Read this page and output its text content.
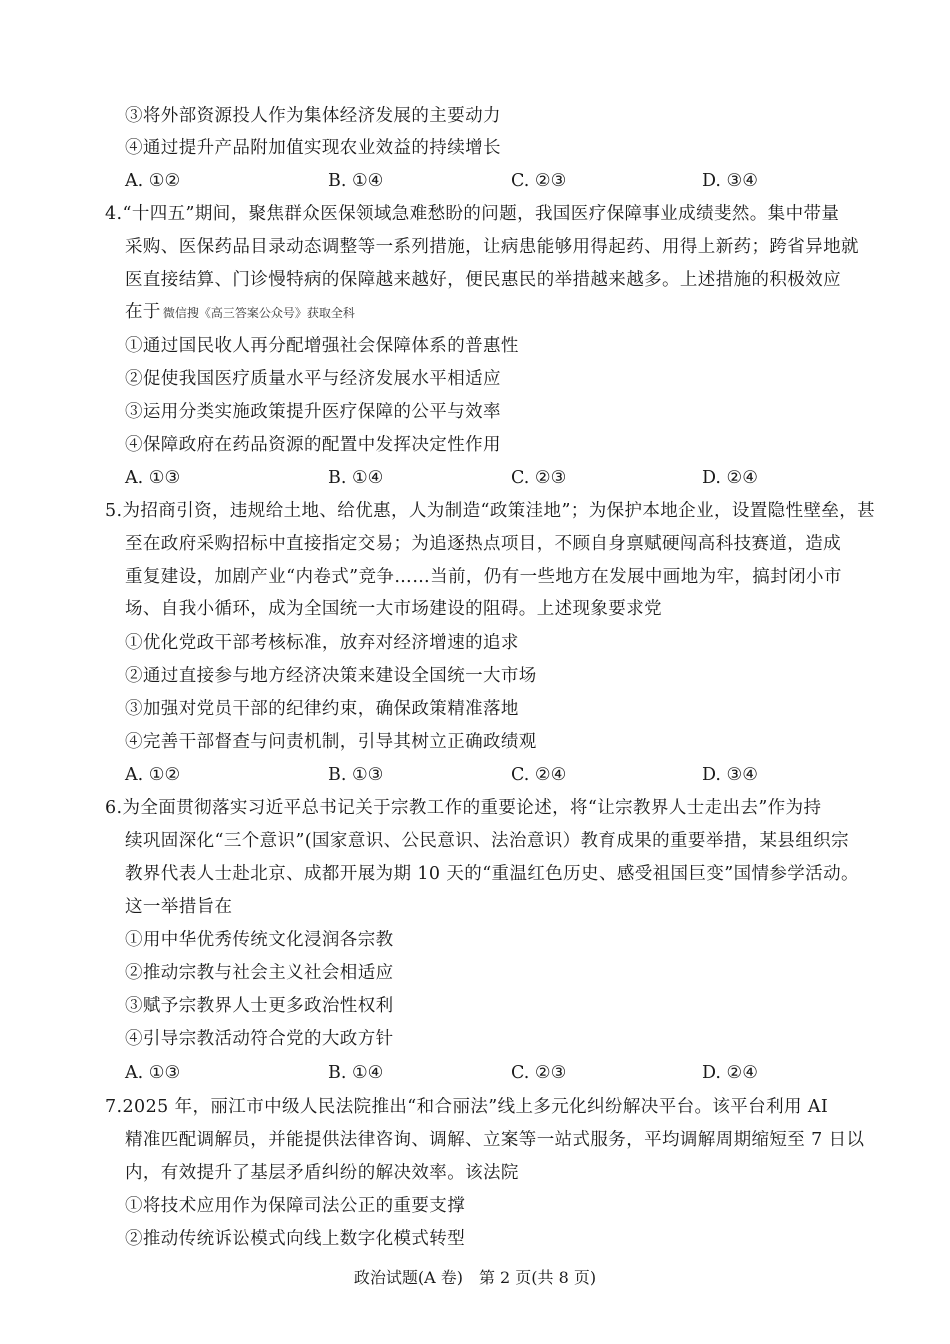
③将外部资源投人作为集体经济发展的主要动力
④通过提升产品附加值实现农业效益的持续增长
A. ①②	B. ①④	C. ②③	D. ③④
4.“十四五”期间，聚焦群众医保领域急难愁盼的问题，我国医疗保障事业成绩斐然。集中带量
采购、医保药品目录动态调整等一系列措施，让病患能够用得起药、用得上新药；跨省异地就
医直接结算、门诊慢特病的保障越来越好，便民惠民的举措越来越多。上述措施的积极效应
在于 微信搜《高三答案公众号》获取全科
①通过国民收人再分配增强社会保障体系的普惠性
②促使我国医疗质量水平与经济发展水平相适应
③运用分类实施政策提升医疗保障的公平与效率
④保障政府在药品资源的配置中发挥决定性作用
A. ①③	B. ①④	C. ②③	D. ②④
5.为招商引资，违规给土地、给优惠，人为制造“政策洼地”；为保护本地企业，设置隐性壁垒，甚
至在政府采购招标中直接指定交易；为追逐热点项目，不顾自身禀赋硬闯高科技赛道，造成
重复建设，加剧产业“内卷式”竞争……当前，仍有一些地方在发展中画地为牢，搞封闭小市
场、自我小循环，成为全国统一大市场建设的阻碍。上述现象要求党
①优化党政干部考核标准，放弃对经济增速的追求
②通过直接参与地方经济决策来建设全国统一大市场
③加强对党员干部的纪律约束，确保政策精准落地
④完善干部督查与问责机制，引导其树立正确政绩观
A. ①②	B. ①③	C. ②④	D. ③④
6.为全面贯彻落实习近平总书记关于宗教工作的重要论述，将“让宗教界人士走出去”作为持
续巩固深化“三个意识”(国家意识、公民意识、法治意识）教育成果的重要举措，某县组织宗
教界代表人士赴北京、成都开展为期 10 天的“重温红色历史、感受祖国巨变”国情参学活动。
这一举措旨在
①用中华优秀传统文化浸润各宗教
②推动宗教与社会主义社会相适应
③赋予宗教界人士更多政治性权利
④引导宗教活动符合党的大政方针
A. ①③	B. ①④	C. ②③	D. ②④
7.2025 年，丽江市中级人民法院推出“和合丽法”线上多元化纠纷解决平台。该平台利用 AI
精准匹配调解员，并能提供法律咨询、调解、立案等一站式服务，平均调解周期缩短至 7 日以
内，有效提升了基层矛盾纠纷的解决效率。该法院
①将技术应用作为保障司法公正的重要支撑
②推动传统诉讼模式向线上数字化模式转型
政治试题(A 卷)　第 2 页(共 8 页)
